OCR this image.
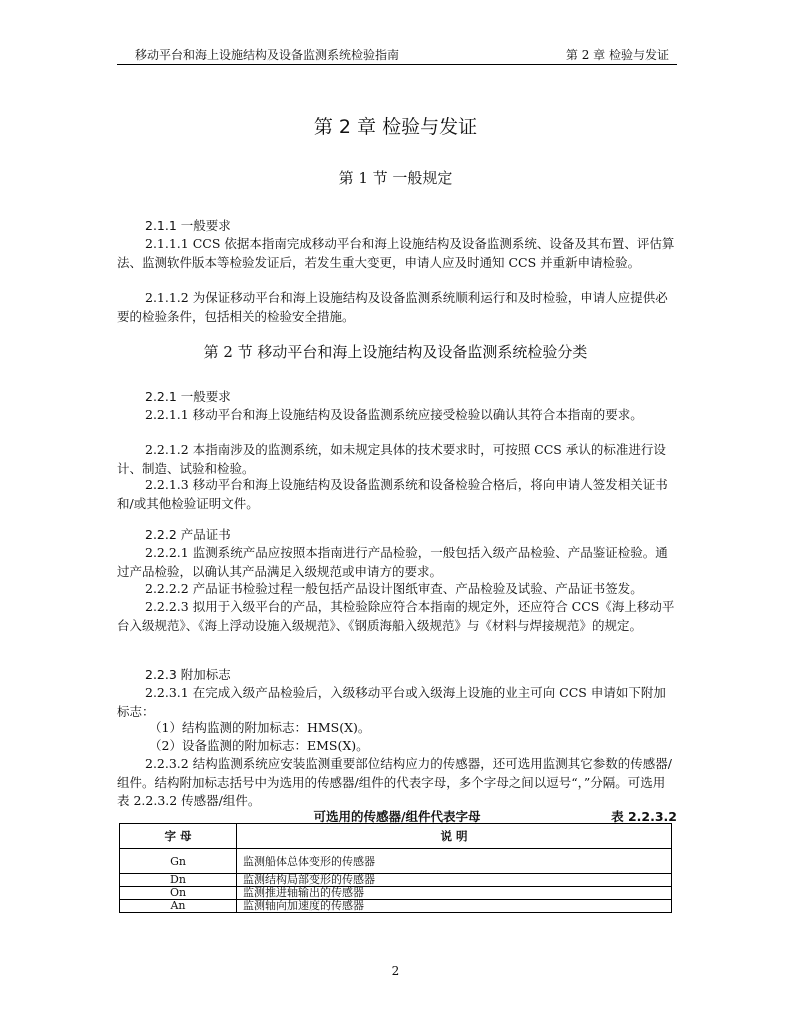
移动平台和海上设施结构及设备监测系统检验指南	第 2 章 检验与发证
第 2 章 检验与发证
第 1 节 一般规定
2.1.1 一般要求
2.1.1.1 CCS 依据本指南完成移动平台和海上设施结构及设备监测系统、设备及其布置、评估算法、监测软件版本等检验发证后，若发生重大变更，申请人应及时通知 CCS 并重新申请检验。
2.1.1.2 为保证移动平台和海上设施结构及设备监测系统顺利运行和及时检验，申请人应提供必要的检验条件，包括相关的检验安全措施。
第 2 节 移动平台和海上设施结构及设备监测系统检验分类
2.2.1 一般要求
2.2.1.1 移动平台和海上设施结构及设备监测系统应接受检验以确认其符合本指南的要求。
2.2.1.2 本指南涉及的监测系统，如未规定具体的技术要求时，可按照 CCS 承认的标准进行设计、制造、试验和检验。
2.2.1.3 移动平台和海上设施结构及设备监测系统和设备检验合格后，将向申请人签发相关证书和/或其他检验证明文件。
2.2.2 产品证书
2.2.2.1 监测系统产品应按照本指南进行产品检验，一般包括入级产品检验、产品鉴证检验。通过产品检验，以确认其产品满足入级规范或申请方的要求。
2.2.2.2 产品证书检验过程一般包括产品设计图纸审查、产品检验及试验、产品证书签发。
2.2.2.3 拟用于入级平台的产品，其检验除应符合本指南的规定外，还应符合 CCS《海上移动平台入级规范》、《海上浮动设施入级规范》、《钢质海船入级规范》与《材料与焊接规范》的规定。
2.2.3 附加标志
2.2.3.1 在完成入级产品检验后，入级移动平台或入级海上设施的业主可向 CCS 申请如下附加标志：
（1）结构监测的附加标志：HMS(X)。
（2）设备监测的附加标志：EMS(X)。
2.2.3.2 结构监测系统应安装监测重要部位结构应力的传感器，还可选用监测其它参数的传感器/组件。结构附加标志括号中为选用的传感器/组件的代表字母，多个字母之间以逗号“，”分隔。可选用表 2.2.3.2 传感器/组件。
可选用的传感器/组件代表字母	表 2.2.3.2
字 母	说 明
Gn	监测船体总体变形的传感器
Dn	监测结构局部变形的传感器
On	监测推进轴输出的传感器
An	监测轴向加速度的传感器
2
